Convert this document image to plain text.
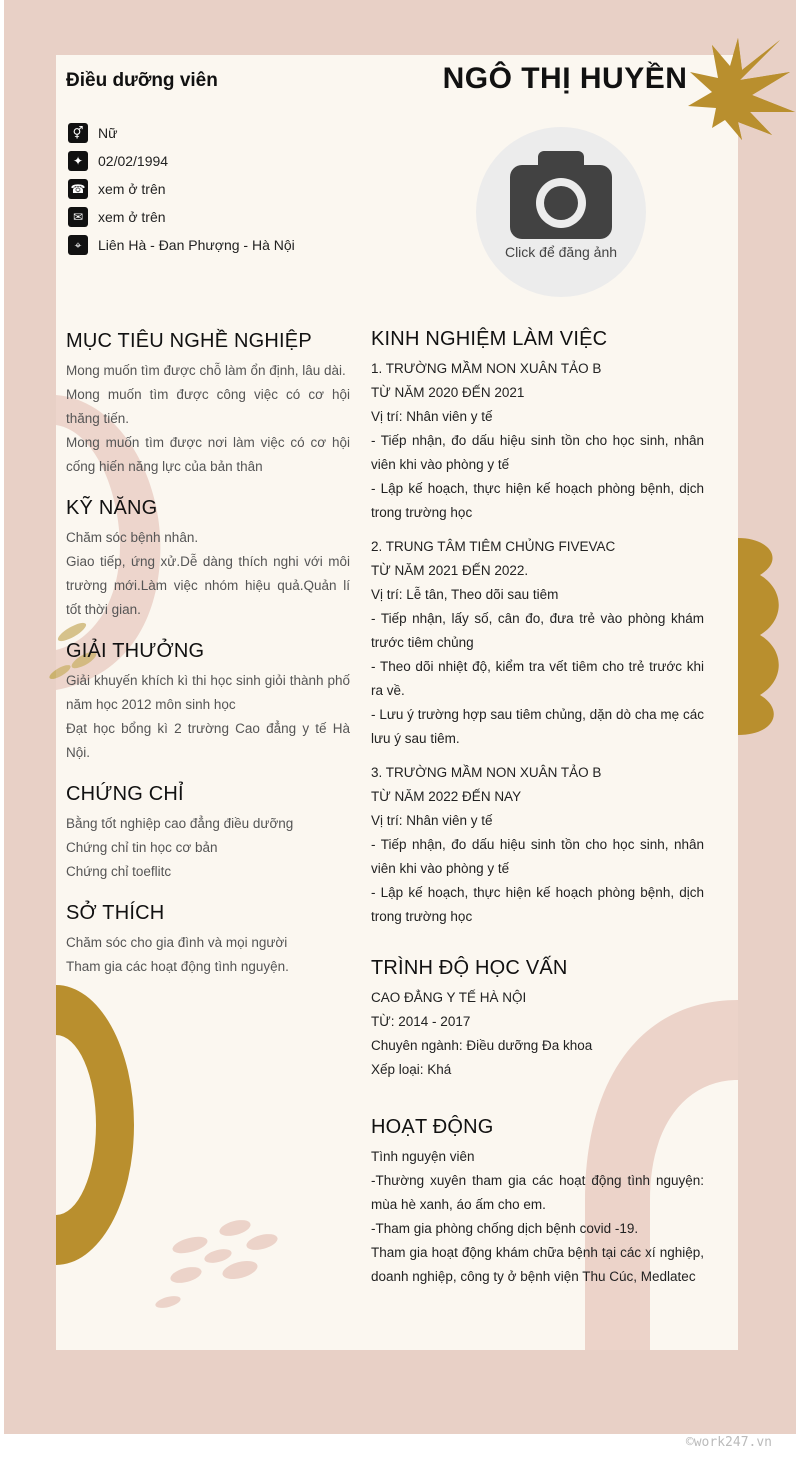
Điều dưỡng viên	NGÔ THỊ HUYỀN
⚥	Nữ
✦	02/02/1994
☎ xem ở trên
✉	xem ở trên
⌖	Liên Hà - Đan Phượng - Hà Nội	Click để đăng ảnh
MỤC TIÊU NGHỀ NGHIỆP
Mong muốn tìm được chỗ làm ổn định, lâu dài.
Mong muốn tìm được công việc có cơ hội thăng tiến.
Mong muốn tìm được nơi làm việc có cơ hội cống hiến năng lực của bản thân
KỸ NĂNG
Chăm sóc bệnh nhân.
Giao tiếp, ứng xử.Dễ dàng thích nghi với môi trường mới.Làm việc nhóm hiệu quả.Quản lí tốt thời gian.
GIẢI THƯỞNG
Giải khuyến khích kì thi học sinh giỏi thành phố năm học 2012 môn sinh học
Đạt học bổng kì 2 trường Cao đẳng y tế Hà Nội.
CHỨNG CHỈ
Bằng tốt nghiệp cao đẳng điều dưỡng
Chứng chỉ tin học cơ bản
Chứng chỉ toeflitc
SỞ THÍCH
Chăm sóc cho gia đình và mọi người
Tham gia các hoạt động tình nguyện.
KINH NGHIỆM LÀM VIỆC
1. TRƯỜNG MẦM NON XUÂN TẢO B
TỪ NĂM 2020 ĐẾN 2021
Vị trí: Nhân viên y tế
- Tiếp nhận, đo dấu hiệu sinh tồn cho học sinh, nhân viên khi vào phòng y tế
- Lập kế hoạch, thực hiện kế hoạch phòng bệnh, dịch trong trường học
2. TRUNG TÂM TIÊM CHỦNG FIVEVAC
TỪ NĂM 2021 ĐẾN 2022.
Vị trí: Lễ tân, Theo dõi sau tiêm
- Tiếp nhận, lấy số, cân đo, đưa trẻ vào phòng khám trước tiêm chủng
- Theo dõi nhiệt độ, kiểm tra vết tiêm cho trẻ trước khi ra về.
- Lưu ý trường hợp sau tiêm chủng, dặn dò cha mẹ các lưu ý sau tiêm.
3. TRƯỜNG MẦM NON XUÂN TẢO B
TỪ NĂM 2022 ĐẾN NAY
Vị trí: Nhân viên y tế
- Tiếp nhận, đo dấu hiệu sinh tồn cho học sinh, nhân viên khi vào phòng y tế
- Lập kế hoạch, thực hiện kế hoạch phòng bệnh, dịch trong trường học
TRÌNH ĐỘ HỌC VẤN
CAO ĐẲNG Y TẾ HÀ NỘI
TỪ: 2014 - 2017
Chuyên ngành: Điều dưỡng Đa khoa
Xếp loại: Khá
HOẠT ĐỘNG
Tình nguyện viên
-Thường xuyên tham gia các hoạt động tình nguyện: mùa hè xanh, áo ấm cho em.
-Tham gia phòng chống dịch bệnh covid -19.
Tham gia hoạt động khám chữa bệnh tại các xí nghiệp, doanh nghiệp, công ty ở bệnh viện Thu Cúc, Medlatec
©work247.vn
